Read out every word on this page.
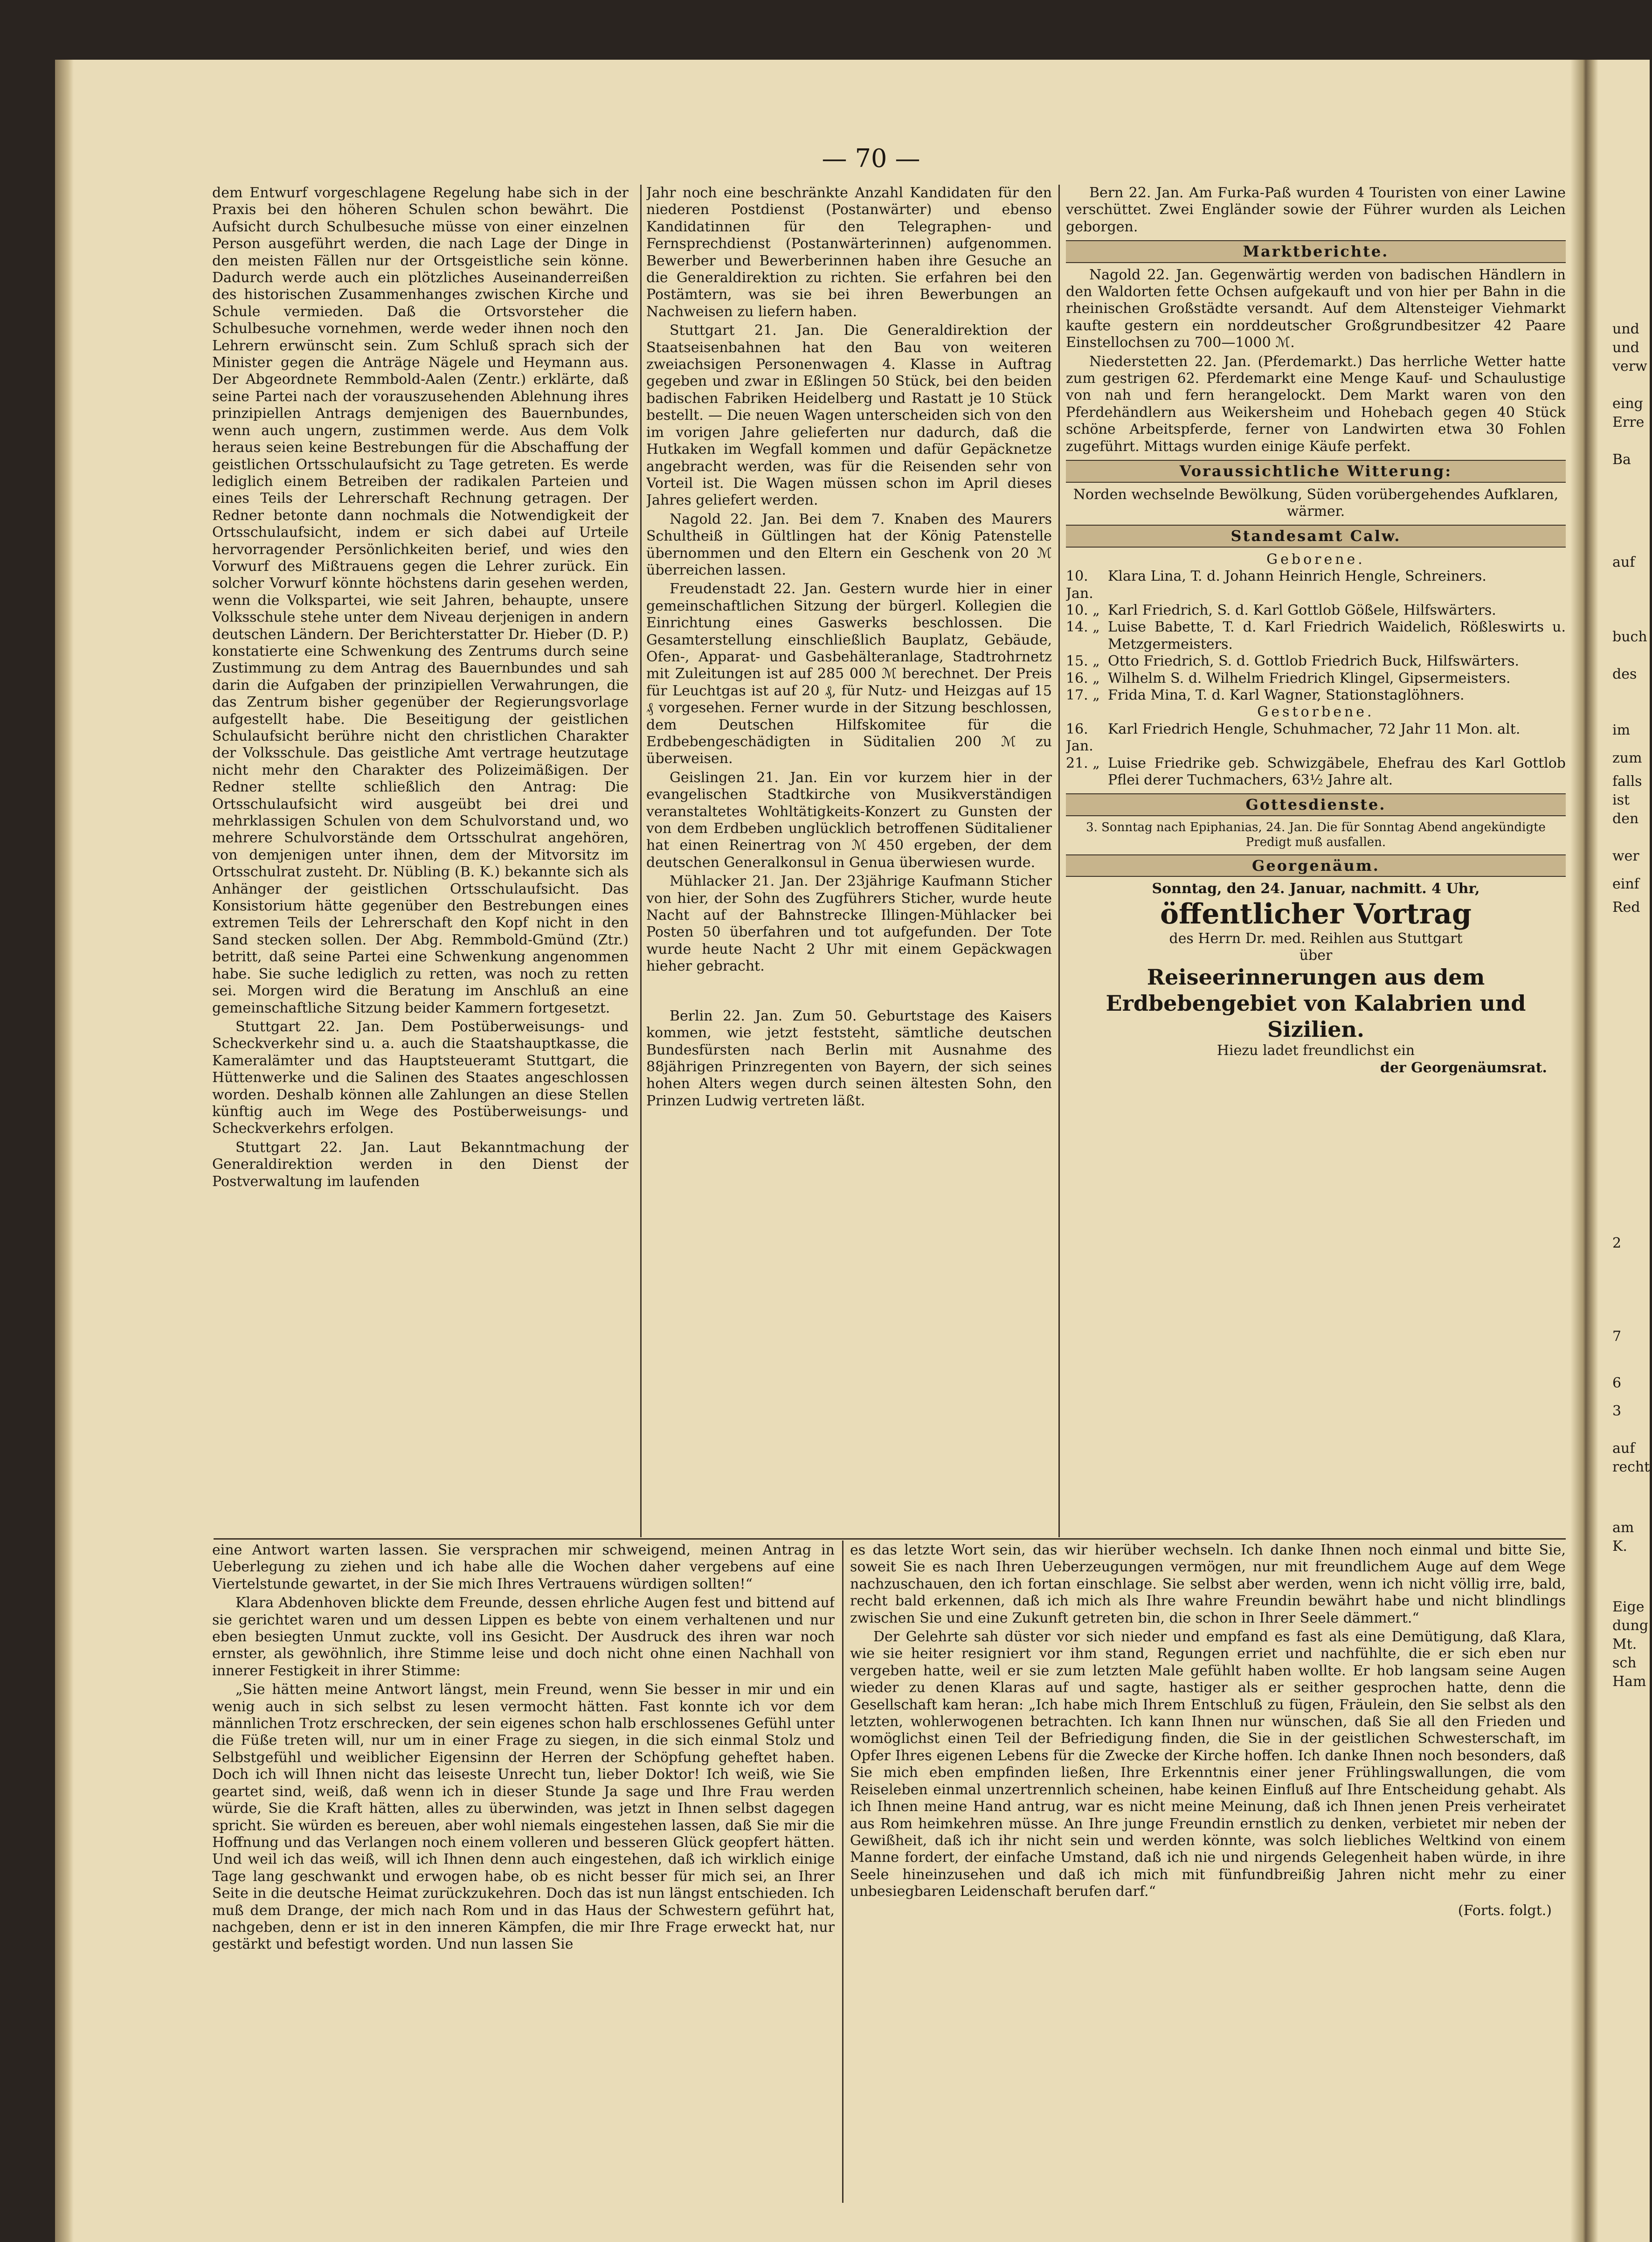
— 70 —

dem Entwurf vorgeschlagene Regelung habe sich in der Praxis bei den höheren Schulen schon bewährt. Die Aufsicht durch Schulbesuche müsse von einer einzelnen Person ausgeführt werden, die nach Lage der Dinge in den meisten Fällen nur der Ortsgeistliche sein könne. Dadurch werde auch ein plötzliches Auseinanderreißen des historischen Zusammenhanges zwischen Kirche und Schule vermieden. Daß die Ortsvorsteher die Schulbesuche vornehmen, werde weder ihnen noch den Lehrern erwünscht sein. Zum Schluß sprach sich der Minister gegen die Anträge Nägele und Heymann aus. Der Abgeordnete Remmbold-Aalen (Zentr.) erklärte, daß seine Partei nach der vorauszusehenden Ablehnung ihres prinzipiellen Antrags demjenigen des Bauernbundes, wenn auch ungern, zustimmen werde. Aus dem Volk heraus seien keine Bestrebungen für die Abschaffung der geistlichen Ortsschulaufsicht zu Tage getreten. Es werde lediglich einem Betreiben der radikalen Parteien und eines Teils der Lehrerschaft Rechnung getragen. Der Redner betonte dann nochmals die Notwendigkeit der Ortsschulaufsicht, indem er sich dabei auf Urteile hervorragender Persönlichkeiten berief, und wies den Vorwurf des Mißtrauens gegen die Lehrer zurück. Ein solcher Vorwurf könnte höchstens darin gesehen werden, wenn die Volkspartei, wie seit Jahren, behaupte, unsere Volksschule stehe unter dem Niveau derjenigen in andern deutschen Ländern. Der Berichterstatter Dr. Hieber (D. P.) konstatierte eine Schwenkung des Zentrums durch seine Zustimmung zu dem Antrag des Bauernbundes und sah darin die Aufgaben der prinzipiellen Verwahrungen, die das Zentrum bisher gegenüber der Regierungsvorlage aufgestellt habe. Die Beseitigung der geistlichen Schulaufsicht berühre nicht den christlichen Charakter der Volksschule. Das geistliche Amt vertrage heutzutage nicht mehr den Charakter des Polizeimäßigen. Der Redner stellte schließlich den Antrag: Die Ortsschulaufsicht wird ausgeübt bei drei und mehrklassigen Schulen von dem Schulvorstand und, wo mehrere Schulvorstände dem Ortsschulrat angehören, von demjenigen unter ihnen, dem der Mitvorsitz im Ortsschulrat zusteht. Dr. Nübling (B. K.) bekannte sich als Anhänger der geistlichen Ortsschulaufsicht. Das Konsistorium hätte gegenüber den Bestrebungen eines extremen Teils der Lehrerschaft den Kopf nicht in den Sand stecken sollen. Der Abg. Remmbold-Gmünd (Ztr.) betritt, daß seine Partei eine Schwenkung angenommen habe. Sie suche lediglich zu retten, was noch zu retten sei. Morgen wird die Beratung im Anschluß an eine gemeinschaftliche Sitzung beider Kammern fortgesetzt.

Stuttgart 22. Jan. Dem Postüberweisungs- und Scheckverkehr sind u. a. auch die Staatshauptkasse, die Kameralämter und das Hauptsteueramt Stuttgart, die Hüttenwerke und die Salinen des Staates angeschlossen worden. Deshalb können alle Zahlungen an diese Stellen künftig auch im Wege des Postüberweisungs- und Scheckverkehrs erfolgen.

Stuttgart 22. Jan. Laut Bekanntmachung der Generaldirektion werden in den Dienst der Postverwaltung im laufenden

Jahr noch eine beschränkte Anzahl Kandidaten für den niederen Postdienst (Postanwärter) und ebenso Kandidatinnen für den Telegraphen- und Fernsprechdienst (Postanwärterinnen) aufgenommen. Bewerber und Bewerberinnen haben ihre Gesuche an die Generaldirektion zu richten. Sie erfahren bei den Postämtern, was sie bei ihren Bewerbungen an Nachweisen zu liefern haben.

Stuttgart 21. Jan. Die Generaldirektion der Staatseisenbahnen hat den Bau von weiteren zweiachsigen Personenwagen 4. Klasse in Auftrag gegeben und zwar in Eßlingen 50 Stück, bei den beiden badischen Fabriken Heidelberg und Rastatt je 10 Stück bestellt. — Die neuen Wagen unterscheiden sich von den im vorigen Jahre gelieferten nur dadurch, daß die Hutkaken im Wegfall kommen und dafür Gepäcknetze angebracht werden, was für die Reisenden sehr von Vorteil ist. Die Wagen müssen schon im April dieses Jahres geliefert werden.

Nagold 22. Jan. Bei dem 7. Knaben des Maurers Schultheiß in Gültlingen hat der König Patenstelle übernommen und den Eltern ein Geschenk von 20 ℳ überreichen lassen.

Freudenstadt 22. Jan. Gestern wurde hier in einer gemeinschaftlichen Sitzung der bürgerl. Kollegien die Einrichtung eines Gaswerks beschlossen. Die Gesamterstellung einschließlich Bauplatz, Gebäude, Ofen-, Apparat- und Gasbehälteranlage, Stadtrohrnetz mit Zuleitungen ist auf 285 000 ℳ berechnet. Der Preis für Leuchtgas ist auf 20 ₰, für Nutz- und Heizgas auf 15 ₰ vorgesehen. Ferner wurde in der Sitzung beschlossen, dem Deutschen Hilfskomitee für die Erdbebengeschädigten in Süditalien 200 ℳ zu überweisen.

Geislingen 21. Jan. Ein vor kurzem hier in der evangelischen Stadtkirche von Musikverständigen veranstaltetes Wohltätigkeits-Konzert zu Gunsten der von dem Erdbeben unglücklich betroffenen Süditaliener hat einen Reinertrag von ℳ 450 ergeben, der dem deutschen Generalkonsul in Genua überwiesen wurde.

Mühlacker 21. Jan. Der 23jährige Kaufmann Sticher von hier, der Sohn des Zugführers Sticher, wurde heute Nacht auf der Bahnstrecke Illingen-Mühlacker bei Posten 50 überfahren und tot aufgefunden. Der Tote wurde heute Nacht 2 Uhr mit einem Gepäckwagen hieher gebracht.

Berlin 22. Jan. Zum 50. Geburtstage des Kaisers kommen, wie jetzt feststeht, sämtliche deutschen Bundesfürsten nach Berlin mit Ausnahme des 88jährigen Prinzregenten von Bayern, der sich seines hohen Alters wegen durch seinen ältesten Sohn, den Prinzen Ludwig vertreten läßt.

Bern 22. Jan. Am Furka-Paß wurden 4 Touristen von einer Lawine verschüttet. Zwei Engländer sowie der Führer wurden als Leichen geborgen.

Marktberichte.

Nagold 22. Jan. Gegenwärtig werden von badischen Händlern in den Waldorten fette Ochsen aufgekauft und von hier per Bahn in die rheinischen Großstädte versandt. Auf dem Altensteiger Viehmarkt kaufte gestern ein norddeutscher Großgrundbesitzer 42 Paare Einstellochsen zu 700—1000 ℳ.

Niederstetten 22. Jan. (Pferdemarkt.) Das herrliche Wetter hatte zum gestrigen 62. Pferdemarkt eine Menge Kauf- und Schaulustige von nah und fern herangelockt. Dem Markt waren von den Pferdehändlern aus Weikersheim und Hohebach gegen 40 Stück schöne Arbeitspferde, ferner von Landwirten etwa 30 Fohlen zugeführt. Mittags wurden einige Käufe perfekt.

Voraussichtliche Witterung:
Norden wechselnde Bewölkung, Süden vorübergehendes Aufklaren, wärmer.
Standesamt Calw.
Geborene.
10. Jan.	Klara Lina, T. d. Johann Heinrich Hengle, Schreiners.
10. „	Karl Friedrich, S. d. Karl Gottlob Gößele, Hilfswärters.
14. „	Luise Babette, T. d. Karl Friedrich Waidelich, Rößleswirts u. Metzgermeisters.
15. „	Otto Friedrich, S. d. Gottlob Friedrich Buck, Hilfswärters.
16. „	Wilhelm S. d. Wilhelm Friedrich Klingel, Gipsermeisters.
17. „	Frida Mina, T. d. Karl Wagner, Stationstaglöhners.
Gestorbene.
16. Jan.	Karl Friedrich Hengle, Schuhmacher, 72 Jahr 11 Mon. alt.
21. „	Luise Friedrike geb. Schwizgäbele, Ehefrau des Karl Gottlob Pflei derer Tuchmachers, 63½ Jahre alt.
Gottesdienste.
3. Sonntag nach Epiphanias, 24. Jan. Die für Sonntag Abend angekündigte Predigt muß ausfallen.
Georgenäum.
Sonntag, den 24. Januar, nachmitt. 4 Uhr,
öffentlicher Vortrag
des Herrn Dr. med. Reihlen aus Stuttgart
über
Reiseerinnerungen aus dem Erdbebengebiet von Kalabrien und Sizilien.
Hiezu ladet freundlichst ein
der Georgenäumsrat.

eine Antwort warten lassen. Sie versprachen mir schweigend, meinen Antrag in Ueberlegung zu ziehen und ich habe alle die Wochen daher vergebens auf eine Viertelstunde gewartet, in der Sie mich Ihres Vertrauens würdigen sollten!“

Klara Abdenhoven blickte dem Freunde, dessen ehrliche Augen fest und bittend auf sie gerichtet waren und um dessen Lippen es bebte von einem verhaltenen und nur eben besiegten Unmut zuckte, voll ins Gesicht. Der Ausdruck des ihren war noch ernster, als gewöhnlich, ihre Stimme leise und doch nicht ohne einen Nachhall von innerer Festigkeit in ihrer Stimme:

„Sie hätten meine Antwort längst, mein Freund, wenn Sie besser in mir und ein wenig auch in sich selbst zu lesen vermocht hätten. Fast konnte ich vor dem männlichen Trotz erschrecken, der sein eigenes schon halb erschlossenes Gefühl unter die Füße treten will, nur um in einer Frage zu siegen, in die sich einmal Stolz und Selbstgefühl und weiblicher Eigensinn der Herren der Schöpfung geheftet haben. Doch ich will Ihnen nicht das leiseste Unrecht tun, lieber Doktor! Ich weiß, wie Sie geartet sind, weiß, daß wenn ich in dieser Stunde Ja sage und Ihre Frau werden würde, Sie die Kraft hätten, alles zu überwinden, was jetzt in Ihnen selbst dagegen spricht. Sie würden es bereuen, aber wohl niemals eingestehen lassen, daß Sie mir die Hoffnung und das Verlangen noch einem volleren und besseren Glück geopfert hätten. Und weil ich das weiß, will ich Ihnen denn auch eingestehen, daß ich wirklich einige Tage lang geschwankt und erwogen habe, ob es nicht besser für mich sei, an Ihrer Seite in die deutsche Heimat zurückzukehren. Doch das ist nun längst entschieden. Ich muß dem Drange, der mich nach Rom und in das Haus der Schwestern geführt hat, nachgeben, denn er ist in den inneren Kämpfen, die mir Ihre Frage erweckt hat, nur gestärkt und befestigt worden. Und nun lassen Sie

es das letzte Wort sein, das wir hierüber wechseln. Ich danke Ihnen noch einmal und bitte Sie, soweit Sie es nach Ihren Ueberzeugungen vermögen, nur mit freundlichem Auge auf dem Wege nachzuschauen, den ich fortan einschlage. Sie selbst aber werden, wenn ich nicht völlig irre, bald, recht bald erkennen, daß ich mich als Ihre wahre Freundin bewährt habe und nicht blindlings zwischen Sie und eine Zukunft getreten bin, die schon in Ihrer Seele dämmert.“

Der Gelehrte sah düster vor sich nieder und empfand es fast als eine Demütigung, daß Klara, wie sie heiter resigniert vor ihm stand, Regungen erriet und nachfühlte, die er sich eben nur vergeben hatte, weil er sie zum letzten Male gefühlt haben wollte. Er hob langsam seine Augen wieder zu denen Klaras auf und sagte, hastiger als er seither gesprochen hatte, denn die Gesellschaft kam heran: „Ich habe mich Ihrem Entschluß zu fügen, Fräulein, den Sie selbst als den letzten, wohlerwogenen betrachten. Ich kann Ihnen nur wünschen, daß Sie all den Frieden und womöglichst einen Teil der Befriedigung finden, die Sie in der geistlichen Schwesterschaft, im Opfer Ihres eigenen Lebens für die Zwecke der Kirche hoffen. Ich danke Ihnen noch besonders, daß Sie mich eben empfinden ließen, Ihre Erkenntnis einer jener Frühlingswallungen, die vom Reiseleben einmal unzertrennlich scheinen, habe keinen Einfluß auf Ihre Entscheidung gehabt. Als ich Ihnen meine Hand antrug, war es nicht meine Meinung, daß ich Ihnen jenen Preis verheiratet aus Rom heimkehren müsse. An Ihre junge Freundin ernstlich zu denken, verbietet mir neben der Gewißheit, daß ich ihr nicht sein und werden könnte, was solch liebliches Weltkind von einem Manne fordert, der einfache Umstand, daß ich nie und nirgends Gelegenheit haben würde, in ihre Seele hineinzusehen und daß ich mich mit fünfundbreißig Jahren nicht mehr zu einer unbesiegbaren Leidenschaft berufen darf.“

(Forts. folgt.)
und
und
verw
eing
Erre
Ba
auf
buch
des
im
zum
falls
ist
den
wer
einf
Red
2
7
6
3
auf
recht
am
K.
Eige
dung
Mt.
sch
Ham
